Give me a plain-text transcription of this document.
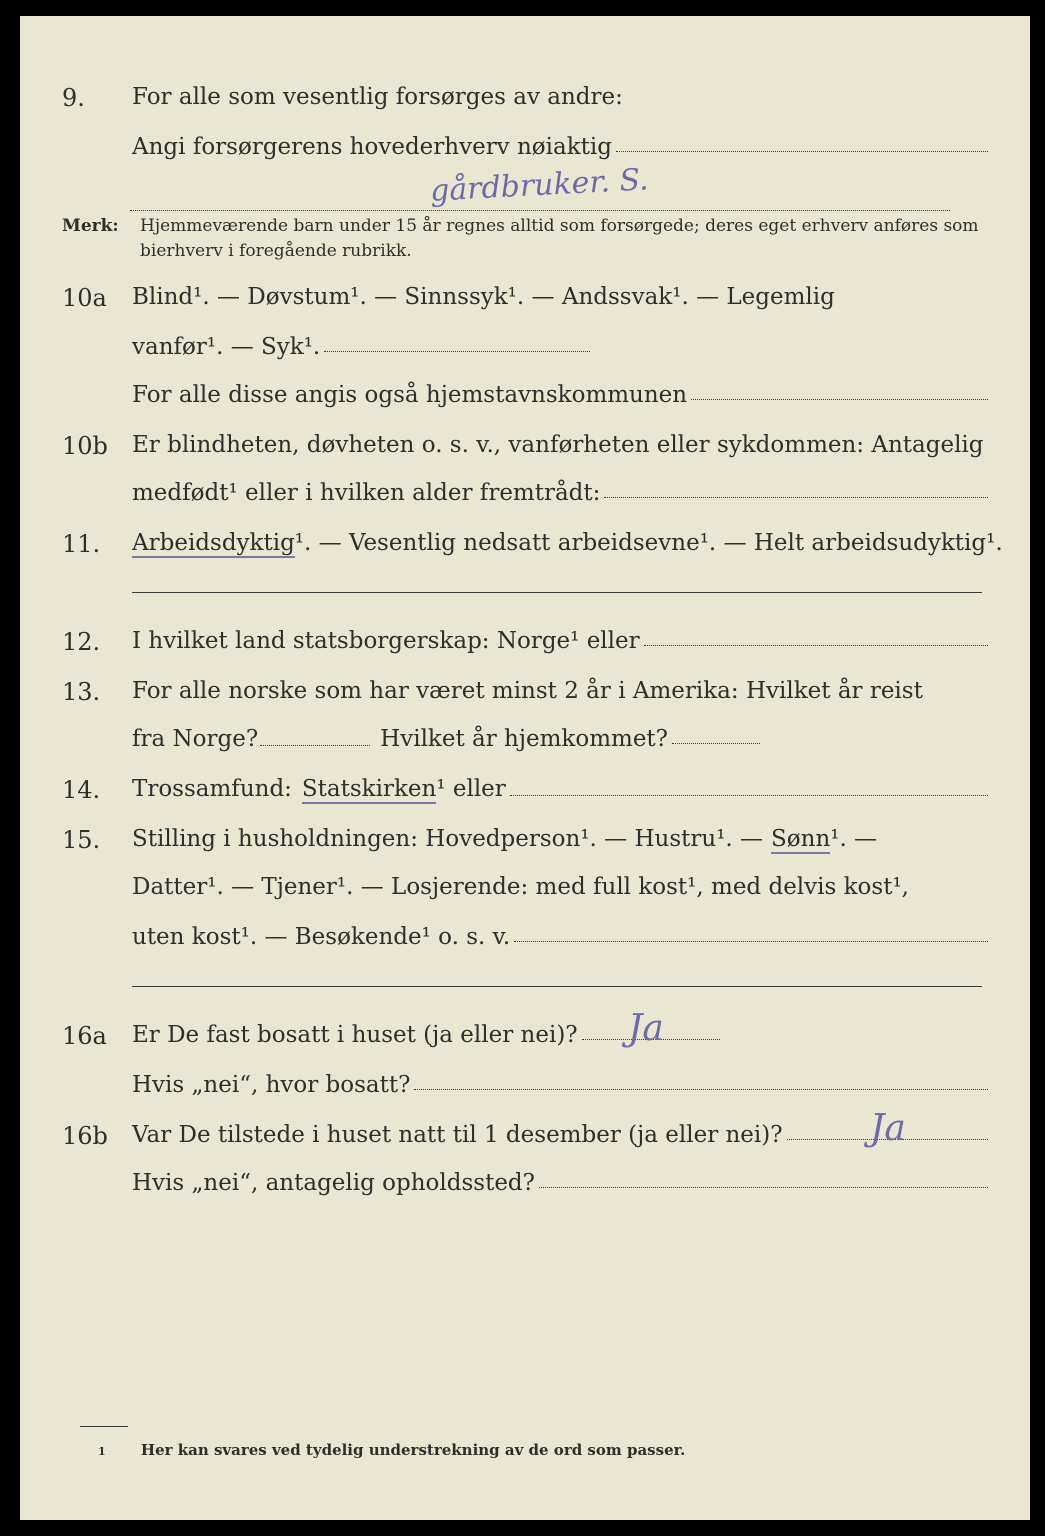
9. For alle som vesentlig forsørges av andre:
Angi forsørgerens hovederhverv nøiaktig
gårdbruker. S.
Merk: Hjemmeværende barn under 15 år regnes alltid som forsørgede; deres eget erhverv anføres som bierhverv i foregående rubrikk.
10a Blind¹. — Døvstum¹. — Sinnssyk¹. — Andssvak¹. — Legemlig
vanfør¹. — Syk¹.
For alle disse angis også hjemstavnskommunen
10b Er blindheten, døvheten o. s. v., vanførheten eller sykdommen: Antagelig
medfødt¹ eller i hvilken alder fremtrådt:
11. Arbeidsdyktig ¹. — Vesentlig nedsatt arbeidsevne¹. — Helt arbeidsudyktig¹.
12. I hvilket land statsborgerskap: Norge¹ eller
13. For alle norske som har været minst 2 år i Amerika: Hvilket år reist
fra Norge?	Hvilket år hjemkommet?
14. Trossamfund: Statskirken ¹ eller
15. Stilling i husholdningen: Hovedperson¹. — Hustru¹. — Sønn ¹. —
Datter¹. — Tjener¹. — Losjerende: med full kost¹, med delvis kost¹,
uten kost¹. — Besøkende¹ o. s. v.
16a Er De fast bosatt i huset (ja eller nei)? Ja
Hvis „nei“, hvor bosatt?
16b Var De tilstede i huset natt til 1 desember (ja eller nei)? Ja
Hvis „nei“, antagelig opholdssted?
1 Her kan svares ved tydelig understrekning av de ord som passer.
